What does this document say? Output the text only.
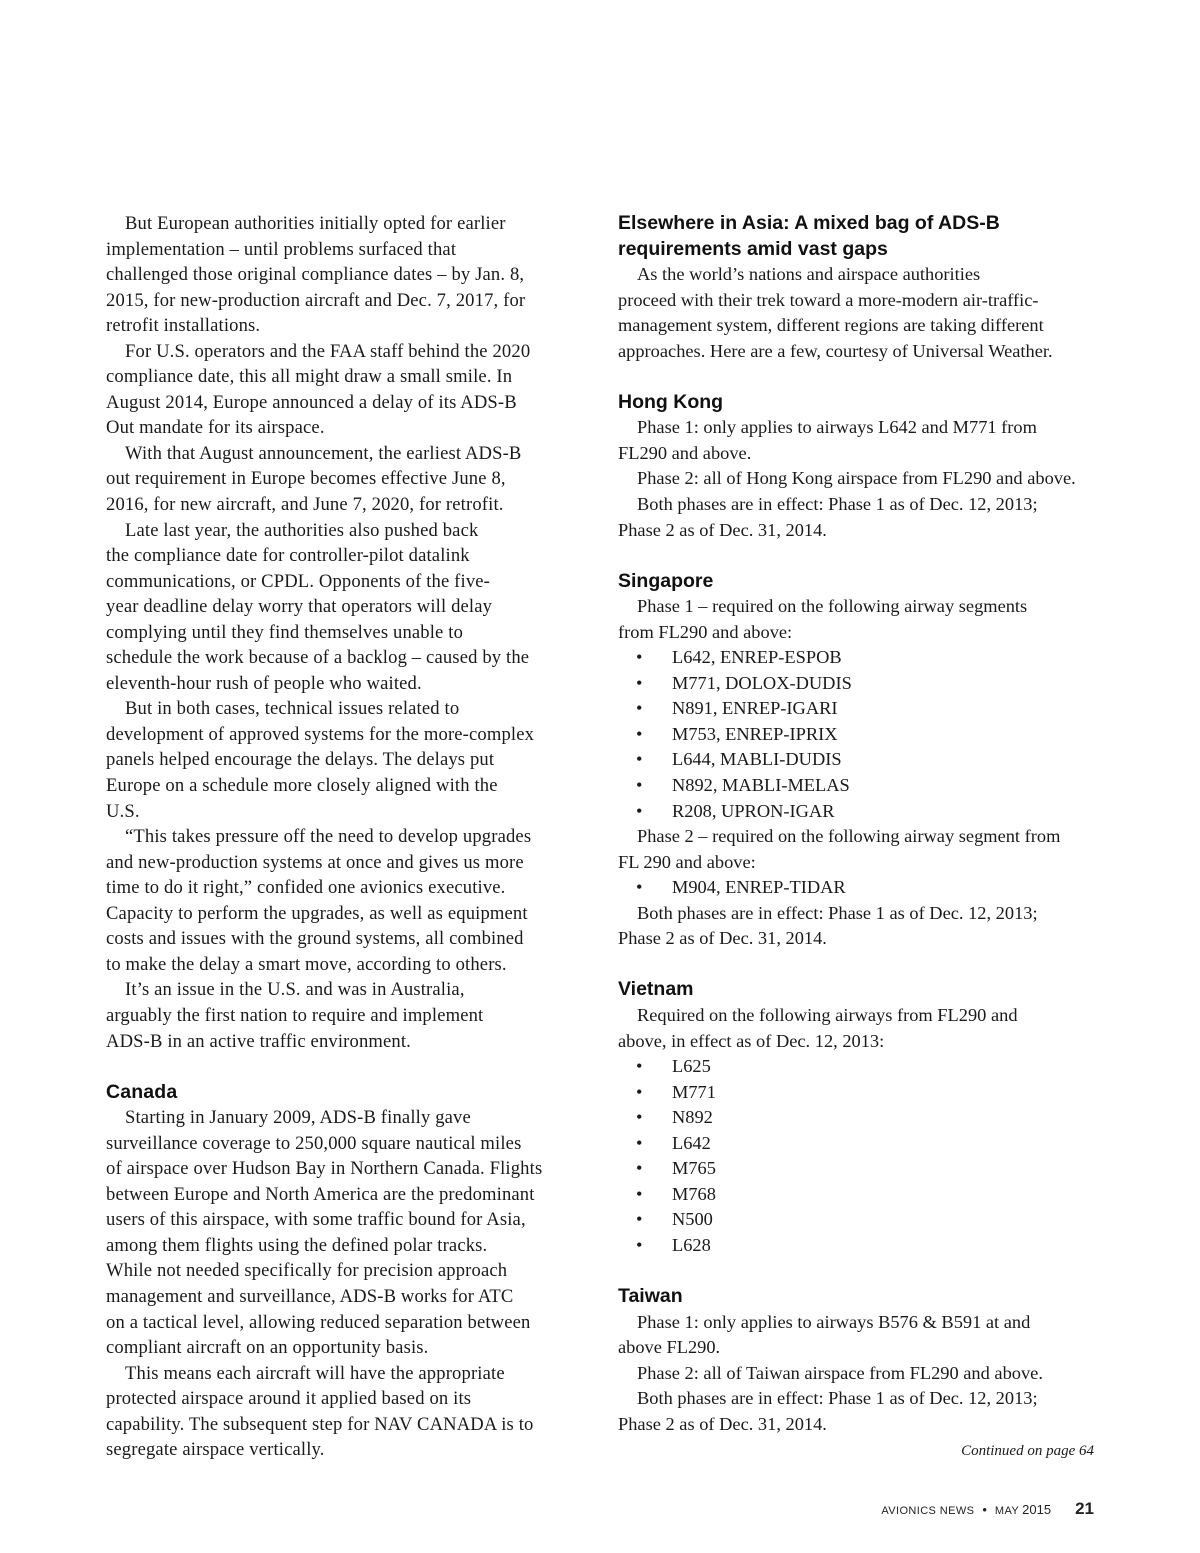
But European authorities initially opted for earlier
implementation – until problems surfaced that
challenged those original compliance dates – by Jan. 8,
2015, for new-production aircraft and Dec. 7, 2017, for
retrofit installations.
For U.S. operators and the FAA staff behind the 2020
compliance date, this all might draw a small smile. In
August 2014, Europe announced a delay of its ADS-B
Out mandate for its airspace.
With that August announcement, the earliest ADS-B
out requirement in Europe becomes effective June 8,
2016, for new aircraft, and June 7, 2020, for retrofit.
Late last year, the authorities also pushed back
the compliance date for controller-pilot datalink
communications, or CPDL. Opponents of the five-
year deadline delay worry that operators will delay
complying until they find themselves unable to
schedule the work because of a backlog – caused by the
eleventh-hour rush of people who waited.
But in both cases, technical issues related to
development of approved systems for the more-complex
panels helped encourage the delays. The delays put
Europe on a schedule more closely aligned with the
U.S.
“This takes pressure off the need to develop upgrades
and new-production systems at once and gives us more
time to do it right,” confided one avionics executive.
Capacity to perform the upgrades, as well as equipment
costs and issues with the ground systems, all combined
to make the delay a smart move, according to others.
It’s an issue in the U.S. and was in Australia,
arguably the first nation to require and implement
ADS-B in an active traffic environment.
Canada
Starting in January 2009, ADS-B finally gave
surveillance coverage to 250,000 square nautical miles
of airspace over Hudson Bay in Northern Canada. Flights
between Europe and North America are the predominant
users of this airspace, with some traffic bound for Asia,
among them flights using the defined polar tracks.
While not needed specifically for precision approach
management and surveillance, ADS-B works for ATC
on a tactical level, allowing reduced separation between
compliant aircraft on an opportunity basis.
This means each aircraft will have the appropriate
protected airspace around it applied based on its
capability. The subsequent step for NAV CANADA is to
segregate airspace vertically.
Elsewhere in Asia: A mixed bag of ADS-B
requirements amid vast gaps
As the world’s nations and airspace authorities
proceed with their trek toward a more-modern air-traffic-
management system, different regions are taking different
approaches. Here are a few, courtesy of Universal Weather.
Hong Kong
Phase 1: only applies to airways L642 and M771 from
FL290 and above.
Phase 2: all of Hong Kong airspace from FL290 and above.
Both phases are in effect: Phase 1 as of Dec. 12, 2013;
Phase 2 as of Dec. 31, 2014.
Singapore
Phase 1 – required on the following airway segments
from FL290 and above:
• L642, ENREP-ESPOB
• M771, DOLOX-DUDIS
• N891, ENREP-IGARI
• M753, ENREP-IPRIX
• L644, MABLI-DUDIS
• N892, MABLI-MELAS
• R208, UPRON-IGAR
Phase 2 – required on the following airway segment from
FL 290 and above:
• M904, ENREP-TIDAR
Both phases are in effect: Phase 1 as of Dec. 12, 2013;
Phase 2 as of Dec. 31, 2014.
Vietnam
Required on the following airways from FL290 and
above, in effect as of Dec. 12, 2013:
• L625
• M771
• N892
• L642
• M765
• M768
• N500
• L628
Taiwan
Phase 1: only applies to airways B576 & B591 at and
above FL290.
Phase 2: all of Taiwan airspace from FL290 and above.
Both phases are in effect: Phase 1 as of Dec. 12, 2013;
Phase 2 as of Dec. 31, 2014.
Continued on page 64
AVIONICS NEWS • MAY 2015 21
